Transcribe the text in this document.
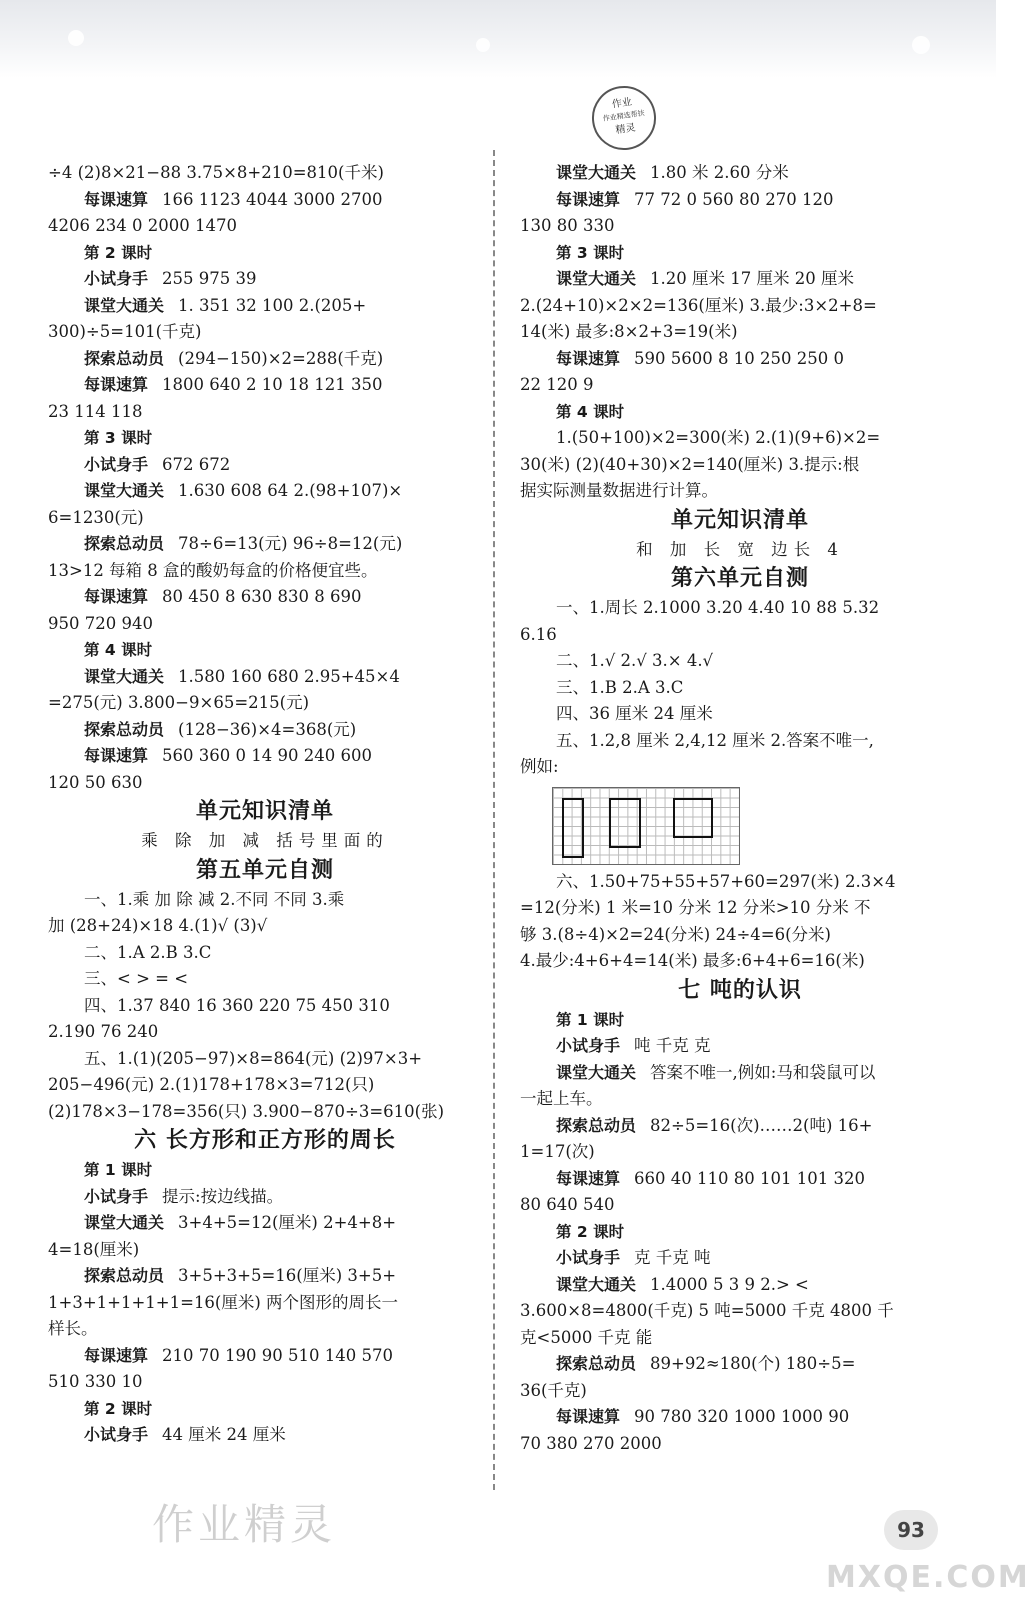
作业
作业精选帮扶
精灵
÷4 (2)8×21−88 3.75×8+210=810(千米)
每课速算 166 1123 4044 3000 2700
4206 234 0 2000 1470
第 2 课时
小试身手 255 975 39
课堂大通关 1. 351 32 100 2.(205+
300)÷5=101(千克)
探索总动员 (294−150)×2=288(千克)
每课速算 1800 640 2 10 18 121 350
23 114 118
第 3 课时
小试身手 672 672
课堂大通关 1.630 608 64 2.(98+107)×
6=1230(元)
探索总动员 78÷6=13(元) 96÷8=12(元)
13>12 每箱 8 盒的酸奶每盒的价格便宜些。
每课速算 80 450 8 630 830 8 690
950 720 940
第 4 课时
课堂大通关 1.580 160 680 2.95+45×4
=275(元) 3.800−9×65=215(元)
探索总动员 (128−36)×4=368(元)
每课速算 560 360 0 14 90 240 600
120 50 630
单元知识清单
乘 除 加 减 括号里面的
第五单元自测
一、1.乘 加 除 减 2.不同 不同 3.乘
加 (28+24)×18 4.(1)√ (3)√
二、1.A 2.B 3.C
三、< > = <
四、1.37 840 16 360 220 75 450 310
2.190 76 240
五、1.(1)(205−97)×8=864(元) (2)97×3+
205−496(元) 2.(1)178+178×3=712(只)
(2)178×3−178=356(只) 3.900−870÷3=610(张)
六 长方形和正方形的周长
第 1 课时
小试身手 提示:按边线描。
课堂大通关 3+4+5=12(厘米) 2+4+8+
4=18(厘米)
探索总动员 3+5+3+5=16(厘米) 3+5+
1+3+1+1+1+1=16(厘米) 两个图形的周长一
样长。
每课速算 210 70 190 90 510 140 570
510 330 10
第 2 课时
小试身手 44 厘米 24 厘米
课堂大通关 1.80 米 2.60 分米
每课速算 77 72 0 560 80 270 120
130 80 330
第 3 课时
课堂大通关 1.20 厘米 17 厘米 20 厘米
2.(24+10)×2×2=136(厘米) 3.最少:3×2+8=
14(米) 最多:8×2+3=19(米)
每课速算 590 5600 8 10 250 250 0
22 120 9
第 4 课时
1.(50+100)×2=300(米) 2.(1)(9+6)×2=
30(米) (2)(40+30)×2=140(厘米) 3.提示:根
据实际测量数据进行计算。
单元知识清单
和 加 长 宽 边长 4
第六单元自测
一、1.周长 2.1000 3.20 4.40 10 88 5.32
6.16
二、1.√ 2.√ 3.× 4.√
三、1.B 2.A 3.C
四、36 厘米 24 厘米
五、1.2,8 厘米 2,4,12 厘米 2.答案不唯一,
例如:
六、1.50+75+55+57+60=297(米) 2.3×4
=12(分米) 1 米=10 分米 12 分米>10 分米 不
够 3.(8÷4)×2=24(分米) 24÷4=6(分米)
4.最少:4+6+4=14(米) 最多:6+4+6=16(米)
七 吨的认识
第 1 课时
小试身手 吨 千克 克
课堂大通关 答案不唯一,例如:马和袋鼠可以
一起上车。
探索总动员 82÷5=16(次)……2(吨) 16+
1=17(次)
每课速算 660 40 110 80 101 101 320
80 640 540
第 2 课时
小试身手 克 千克 吨
课堂大通关 1.4000 5 3 9 2.> <
3.600×8=4800(千克) 5 吨=5000 千克 4800 千
克<5000 千克 能
探索总动员 89+92≈180(个) 180÷5=
36(千克)
每课速算 90 780 320 1000 1000 90
70 380 270 2000
作业精灵	93
MXQE.COM
